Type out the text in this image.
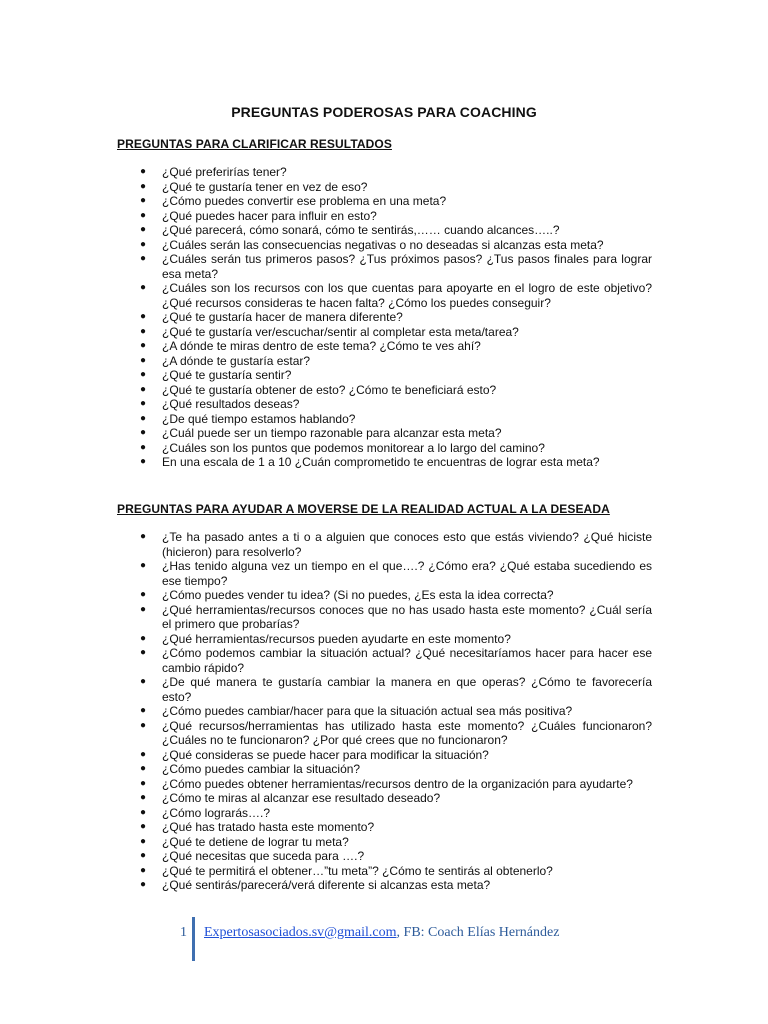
PREGUNTAS PODEROSAS PARA COACHING
PREGUNTAS PARA CLARIFICAR RESULTADOS
● ¿Qué preferirías tener?
● ¿Qué te gustaría tener en vez de eso?
● ¿Cómo puedes convertir ese problema en una meta?
● ¿Qué puedes hacer para influir en esto?
● ¿Qué parecerá, cómo sonará, cómo te sentirás,…… cuando alcances…..?
● ¿Cuáles serán las consecuencias negativas o no deseadas si alcanzas esta meta?
● ¿Cuáles serán tus primeros pasos? ¿Tus próximos pasos? ¿Tus pasos finales para lograr esa meta?
● ¿Cuáles son los recursos con los que cuentas para apoyarte en el logro de este objetivo? ¿Qué recursos consideras te hacen falta? ¿Cómo los puedes conseguir?
● ¿Qué te gustaría hacer de manera diferente?
● ¿Qué te gustaría ver/escuchar/sentir al completar esta meta/tarea?
● ¿A dónde te miras dentro de este tema? ¿Cómo te ves ahí?
● ¿A dónde te gustaría estar?
● ¿Qué te gustaría sentir?
● ¿Qué te gustaría obtener de esto? ¿Cómo te beneficiará esto?
● ¿Qué resultados deseas?
● ¿De qué tiempo estamos hablando?
● ¿Cuál puede ser un tiempo razonable para alcanzar esta meta?
● ¿Cuáles son los puntos que podemos monitorear a lo largo del camino?
● En una escala de 1 a 10 ¿Cuán comprometido te encuentras de lograr esta meta?
PREGUNTAS PARA AYUDAR A MOVERSE DE LA REALIDAD ACTUAL A LA DESEADA
● ¿Te ha pasado antes a ti o a alguien que conoces esto que estás viviendo? ¿Qué hiciste (hicieron) para resolverlo?
● ¿Has tenido alguna vez un tiempo en el que….? ¿Cómo era? ¿Qué estaba sucediendo es ese tiempo?
● ¿Cómo puedes vender tu idea? (Si no puedes, ¿Es esta la idea correcta?
● ¿Qué herramientas/recursos conoces que no has usado hasta este momento? ¿Cuál sería el primero que probarías?
● ¿Qué herramientas/recursos pueden ayudarte en este momento?
● ¿Cómo podemos cambiar la situación actual? ¿Qué necesitaríamos hacer para hacer ese cambio rápido?
● ¿De qué manera te gustaría cambiar la manera en que operas? ¿Cómo te favorecería esto?
● ¿Cómo puedes cambiar/hacer para que la situación actual sea más positiva?
● ¿Qué recursos/herramientas has utilizado hasta este momento? ¿Cuáles funcionaron? ¿Cuáles no te funcionaron? ¿Por qué crees que no funcionaron?
● ¿Qué consideras se puede hacer para modificar la situación?
● ¿Cómo puedes cambiar la situación?
● ¿Cómo puedes obtener herramientas/recursos dentro de la organización para ayudarte?
● ¿Cómo te miras al alcanzar ese resultado deseado?
● ¿Cómo lograrás….?
● ¿Qué has tratado hasta este momento?
● ¿Qué te detiene de lograr tu meta?
● ¿Qué necesitas que suceda para ….?
● ¿Qué te permitirá el obtener…”tu meta”? ¿Cómo te sentirás al obtenerlo?
● ¿Qué sentirás/parecerá/verá diferente si alcanzas esta meta?
1 Expertosasociados.sv@gmail.com, FB: Coach Elías Hernández
